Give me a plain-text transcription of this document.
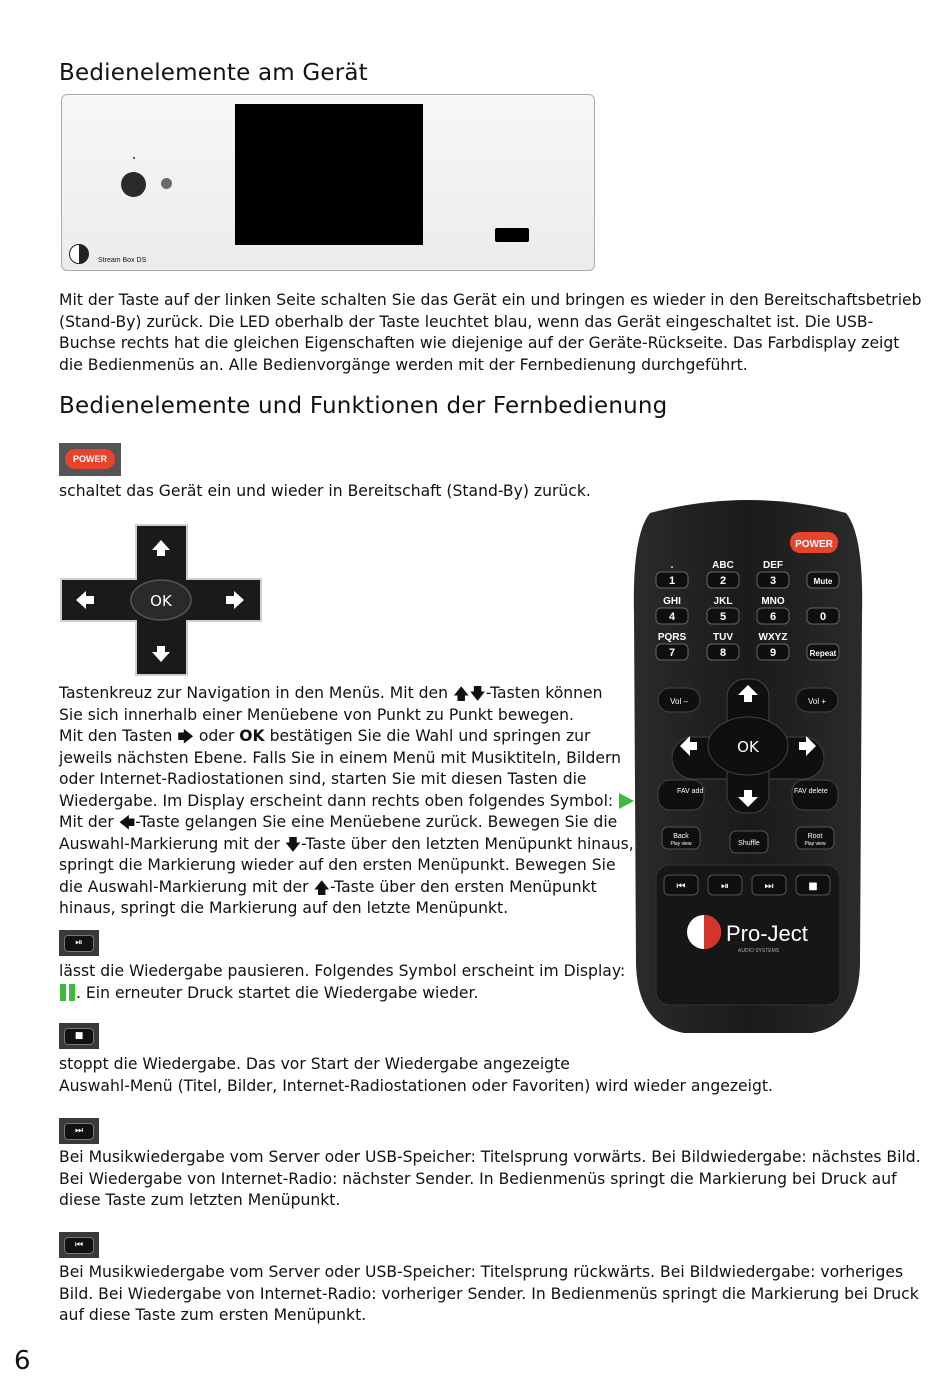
Bedienelemente am Gerät
Stream Box DS
Mit der Taste auf der linken Seite schalten Sie das Gerät ein und bringen es wieder in den Bereitschaftsbetrieb
(Stand-By) zurück. Die LED oberhalb der Taste leuchtet blau, wenn das Gerät eingeschaltet ist. Die USB-
Buchse rechts hat die gleichen Eigenschaften wie diejenige auf der Geräte-Rückseite. Das Farbdisplay zeigt
die Bedienmenüs an. Alle Bedienvorgänge werden mit der Fernbedienung durchgeführt.
Bedienelemente und Funktionen der Fernbedienung
POWER
schaltet das Gerät ein und wieder in Bereitschaft (Stand-By) zurück.
OK
Tastenkreuz zur Navigation in den Menüs. Mit den 🡅🡇-Tasten können
Sie sich innerhalb einer Menüebene von Punkt zu Punkt bewegen.
Mit den Tasten 🡆 oder OK bestätigen Sie die Wahl und springen zur
jeweils nächsten Ebene. Falls Sie in einem Menü mit Musiktiteln, Bildern
oder Internet-Radiostationen sind, starten Sie mit diesen Tasten die
Wiedergabe. Im Display erscheint dann rechts oben folgendes Symbol:
Mit der 🡄-Taste gelangen Sie eine Menüebene zurück. Bewegen Sie die
Auswahl-Markierung mit der 🡇-Taste über den letzten Menüpunkt hinaus,
springt die Markierung wieder auf den ersten Menüpunkt. Bewegen Sie
die Auswahl-Markierung mit der 🡅-Taste über den ersten Menüpunkt
hinaus, springt die Markierung auf den letzte Menüpunkt.
⏯
lässt die Wiedergabe pausieren. Folgendes Symbol erscheint im Display:
. Ein erneuter Druck startet die Wiedergabe wieder.
■
stoppt die Wiedergabe. Das vor Start der Wiedergabe angezeigte
Auswahl-Menü (Titel, Bilder, Internet-Radiostationen oder Favoriten) wird wieder angezeigt.
⏭
Bei Musikwiedergabe vom Server oder USB-Speicher: Titelsprung vorwärts. Bei Bildwiedergabe: nächstes Bild.
Bei Wiedergabe von Internet-Radio: nächster Sender. In Bedienmenüs springt die Markierung bei Druck auf
diese Taste zum letzten Menüpunkt.
⏮
Bei Musikwiedergabe vom Server oder USB-Speicher: Titelsprung rückwärts. Bei Bildwiedergabe: vorheriges
Bild. Bei Wiedergabe von Internet-Radio: vorheriger Sender. In Bedienmenüs springt die Markierung bei Druck
auf diese Taste zum ersten Menüpunkt.
POWER
1
.
2
ABC
3
DEF
Mute
4
GHI
5
JKL
6
MNO
0
7
PQRS
8
TUV
9
WXYZ
Repeat
Vol –	Vol +
OK
FAV add	FAV delete
Back
Play view	Shuffle
Root
Play view
⏮	⏯	⏭	■
Pro-Ject
AUDIO SYSTEMS
6
